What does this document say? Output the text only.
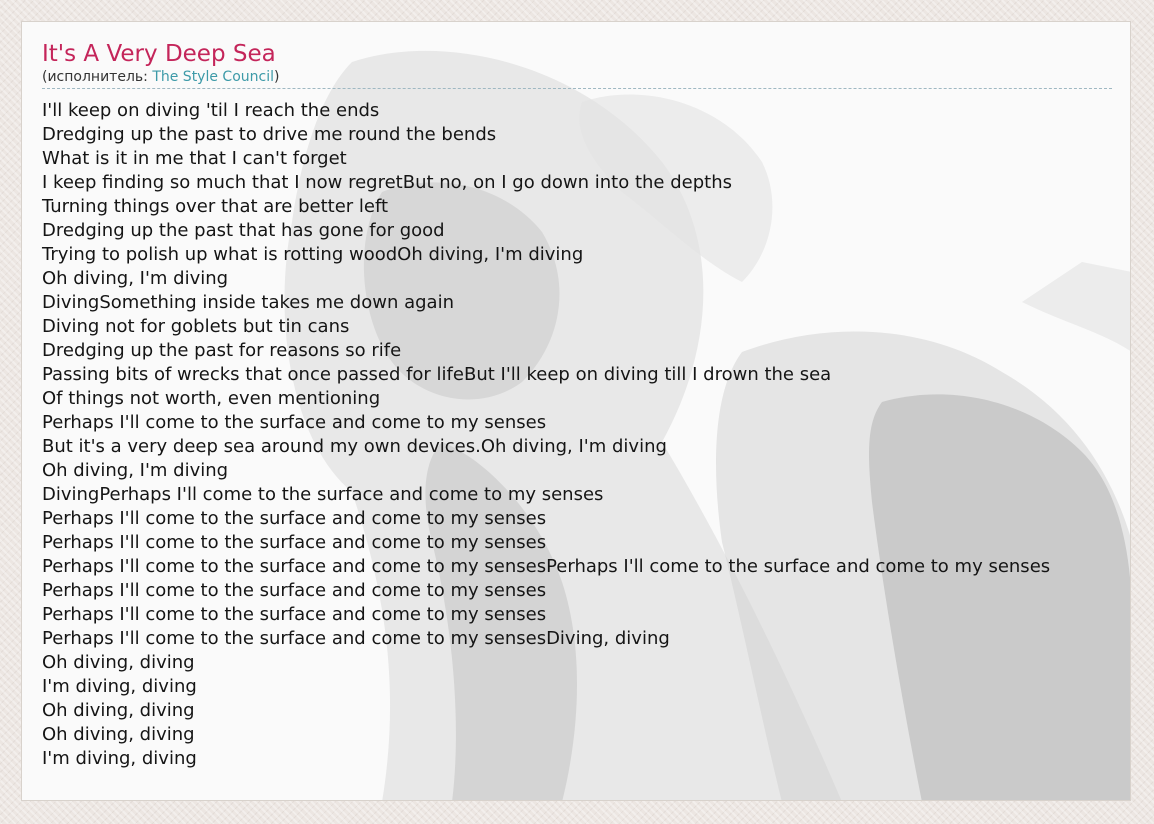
It's A Very Deep Sea
(исполнитель: The Style Council)
I'll keep on diving 'til I reach the ends
Dredging up the past to drive me round the bends
What is it in me that I can't forget
I keep finding so much that I now regretBut no, on I go down into the depths
Turning things over that are better left
Dredging up the past that has gone for good
Trying to polish up what is rotting woodOh diving, I'm diving
Oh diving, I'm diving
DivingSomething inside takes me down again
Diving not for goblets but tin cans
Dredging up the past for reasons so rife
Passing bits of wrecks that once passed for lifeBut I'll keep on diving till I drown the sea
Of things not worth, even mentioning
Perhaps I'll come to the surface and come to my senses
But it's a very deep sea around my own devices.Oh diving, I'm diving
Oh diving, I'm diving
DivingPerhaps I'll come to the surface and come to my senses
Perhaps I'll come to the surface and come to my senses
Perhaps I'll come to the surface and come to my senses
Perhaps I'll come to the surface and come to my sensesPerhaps I'll come to the surface and come to my senses
Perhaps I'll come to the surface and come to my senses
Perhaps I'll come to the surface and come to my senses
Perhaps I'll come to the surface and come to my sensesDiving, diving
Oh diving, diving
I'm diving, diving
Oh diving, diving
Oh diving, diving
I'm diving, diving
